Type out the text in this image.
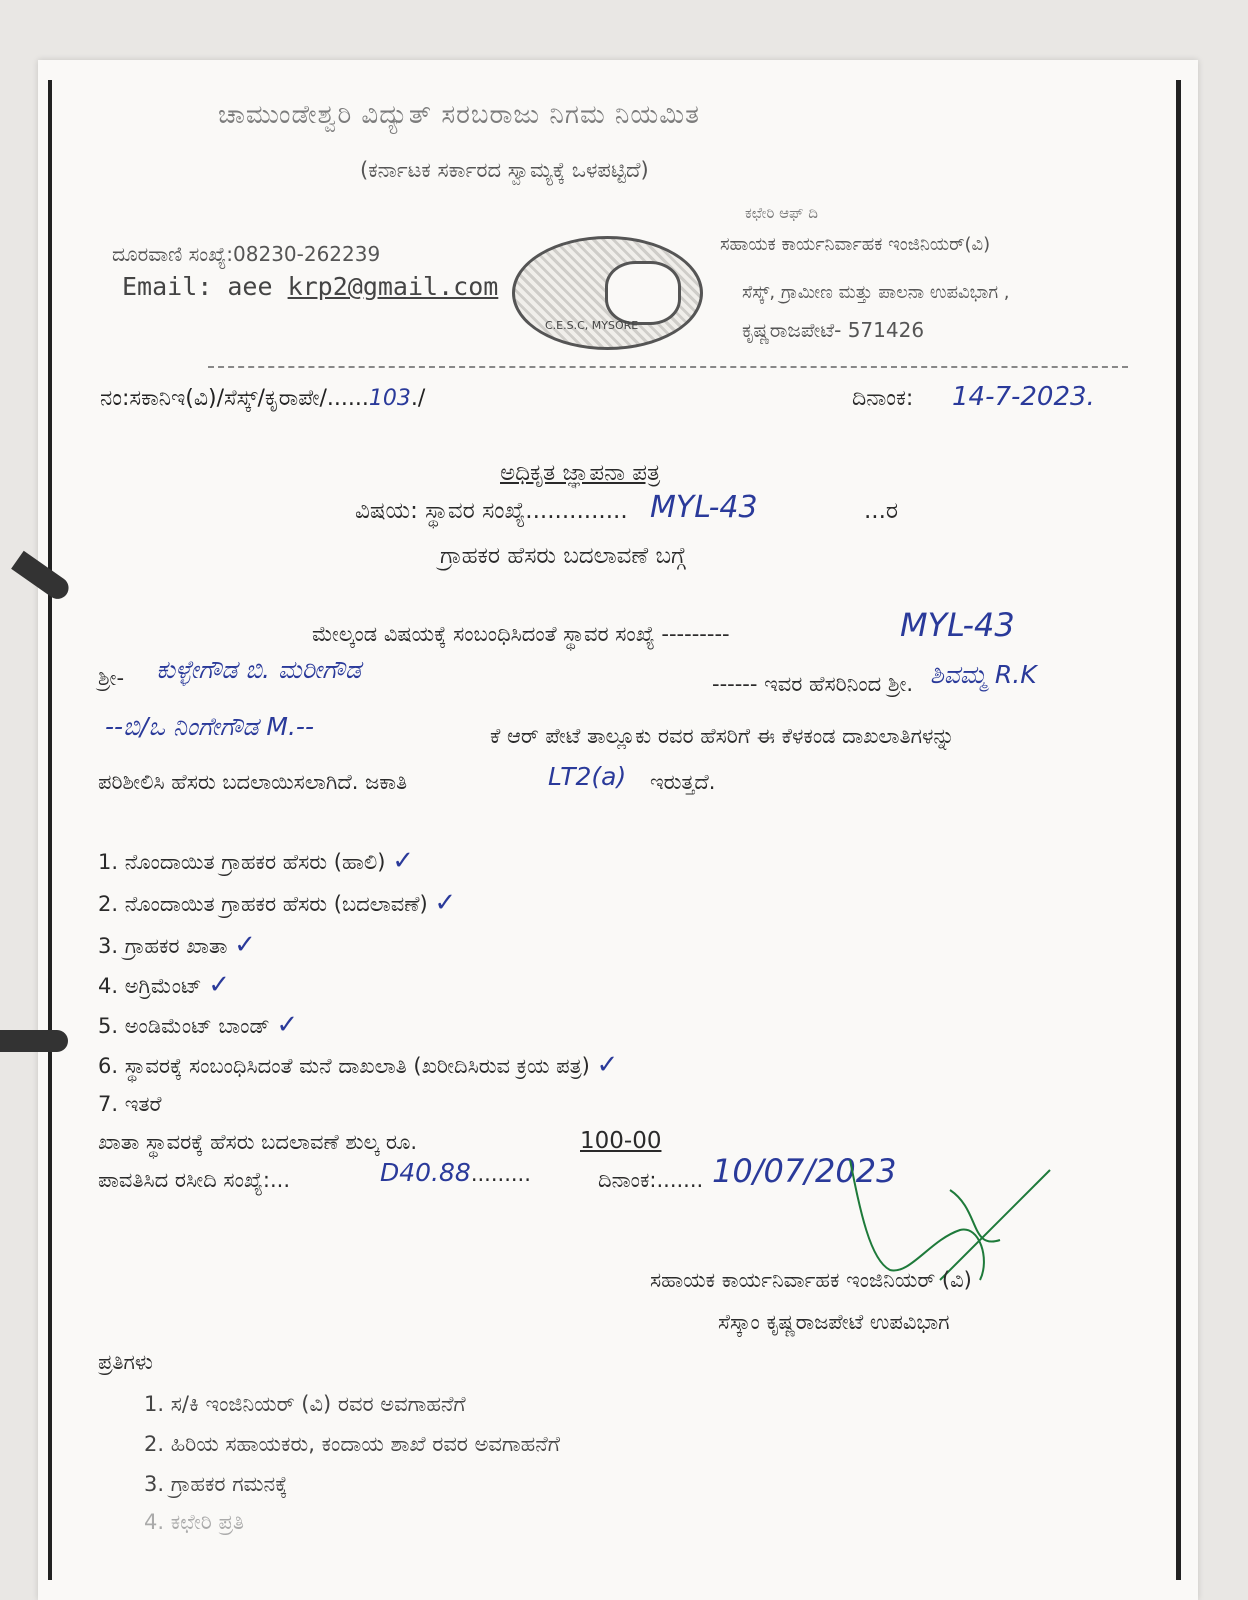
ಚಾಮುಂಡೇಶ್ವರಿ ವಿದ್ಯುತ್ ಸರಬರಾಜು ನಿಗಮ ನಿಯಮಿತ
(ಕರ್ನಾಟಕ ಸರ್ಕಾರದ ಸ್ವಾಮ್ಯಕ್ಕೆ ಒಳಪಟ್ಟಿದೆ)
ದೂರವಾಣಿ ಸಂಖ್ಯೆ:08230-262239
Email: aee krp2@gmail.com
C.E.S.C, MYSORE
ಕಛೇರಿ ಆಫ್ ದಿ
ಸಹಾಯಕ ಕಾರ್ಯನಿರ್ವಾಹಕ ಇಂಜಿನಿಯರ್(ವಿ)
ಸೆಸ್ಕ್, ಗ್ರಾಮೀಣ ಮತ್ತು ಪಾಲನಾ ಉಪವಿಭಾಗ ,
ಕೃಷ್ಣರಾಜಪೇಟೆ- 571426
ನಂ:ಸಕಾನಿಇ(ವಿ)/ಸೆಸ್ಕ್/ಕೃರಾಪೇ/......103./	ದಿನಾಂಕ: 14-7-2023.
ಅಧಿಕೃತ ಜ್ಞಾಪನಾ ಪತ್ರ
ವಿಷಯ: ಸ್ಥಾವರ ಸಂಖ್ಯೆ.............. MYL-43	...ರ
ಗ್ರಾಹಕರ ಹೆಸರು ಬದಲಾವಣೆ ಬಗ್ಗೆ
ಮೇಲ್ಕಂಡ ವಿಷಯಕ್ಕೆ ಸಂಬಂಧಿಸಿದಂತೆ ಸ್ಥಾವರ ಸಂಖ್ಯೆ ---------	MYL-43
ಶ್ರೀ- ಕುಳ್ಳೇಗೌಡ ಬಿ. ಮರೀಗೌಡ	------ ಇವರ ಹೆಸರಿನಿಂದ ಶ್ರೀ. ಶಿವಮ್ಮ R.K
--ಬಿ/ಒ ನಿಂಗೇಗೌಡ M.--	ಕೆ ಆರ್ ಪೇಟೆ ತಾಲ್ಲೂಕು ರವರ ಹೆಸರಿಗೆ ಈ ಕೆಳಕಂಡ ದಾಖಲಾತಿಗಳನ್ನು
ಪರಿಶೀಲಿಸಿ ಹೆಸರು ಬದಲಾಯಿಸಲಾಗಿದೆ. ಜಕಾತಿ	LT2(a) ಇರುತ್ತದೆ.
1. ನೊಂದಾಯಿತ ಗ್ರಾಹಕರ ಹೆಸರು (ಹಾಲಿ) ✓
2. ನೊಂದಾಯಿತ ಗ್ರಾಹಕರ ಹೆಸರು (ಬದಲಾವಣೆ) ✓
3. ಗ್ರಾಹಕರ ಖಾತಾ ✓
4. ಅಗ್ರಿಮೆಂಟ್ ✓
5. ಅಂಡಿಮೆಂಟ್ ಬಾಂಡ್ ✓
6. ಸ್ಥಾವರಕ್ಕೆ ಸಂಬಂಧಿಸಿದಂತೆ ಮನೆ ದಾಖಲಾತಿ (ಖರೀದಿಸಿರುವ ಕ್ರಯ ಪತ್ರ) ✓
7. ಇತರೆ
ಖಾತಾ ಸ್ಥಾವರಕ್ಕೆ ಹೆಸರು ಬದಲಾವಣೆ ಶುಲ್ಕ ರೂ.	100-00
ಪಾವತಿಸಿದ ರಸೀದಿ ಸಂಖ್ಯೆ:...	D40.88.........	ದಿನಾಂಕ:....... 10/07/2023
ಸಹಾಯಕ ಕಾರ್ಯನಿರ್ವಾಹಕ ಇಂಜಿನಿಯರ್ (ವಿ)
ಸೆಸ್ಕಾಂ ಕೃಷ್ಣರಾಜಪೇಟೆ ಉಪವಿಭಾಗ
ಪ್ರತಿಗಳು
1. ಸ/ಕಿ ಇಂಜಿನಿಯರ್ (ವಿ) ರವರ ಅವಗಾಹನೆಗೆ
2. ಹಿರಿಯ ಸಹಾಯಕರು, ಕಂದಾಯ ಶಾಖೆ ರವರ ಅವಗಾಹನೆಗೆ
3. ಗ್ರಾಹಕರ ಗಮನಕ್ಕೆ
4. ಕಛೇರಿ ಪ್ರತಿ
